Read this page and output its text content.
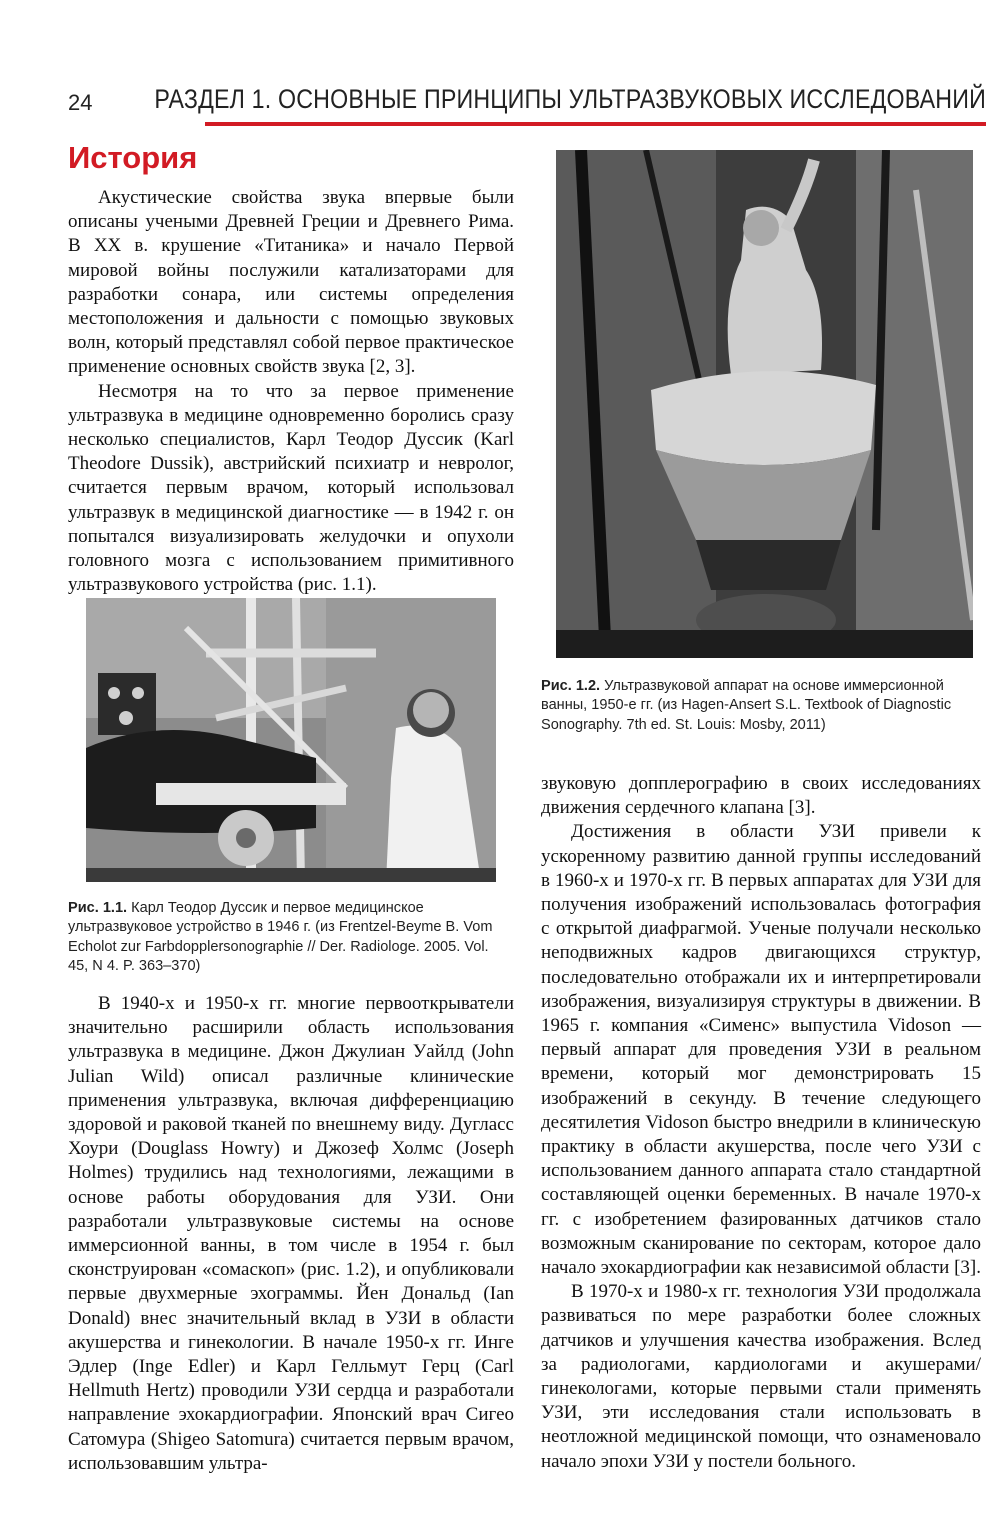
24 РАЗДЕЛ 1. ОСНОВНЫЕ ПРИНЦИПЫ УЛЬТРАЗВУКОВЫХ ИССЛЕДОВАНИЙ
История

Акустические свойства звука впервые были описаны учеными Древней Греции и Древнего Рима. В XX в. крушение «Титаника» и начало Первой мировой войны послужили катализаторами для разработки сонара, или системы определения местоположения и дальности с помощью звуковых волн, который представлял собой первое практическое применение основных свойств звука [2, 3].

Несмотря на то что за первое применение ультразвука в медицине одновременно боролись сразу несколько специалистов, Карл Теодор Дуссик (Karl Theodore Dussik), австрийский психиатр и невролог, считается первым врачом, который использовал ультразвук в медицинской диагностике — в 1942 г. он попытался визуализировать желудочки и опухоли головного мозга с использованием примитивного ультразвукового устройства (рис. 1.1).

Рис. 1.1. Карл Теодор Дуссик и первое медицинское ультразвуковое устройство в 1946 г. (из Frentzel-Beyme B. Vom Echolot zur Farbdopplersonographie // Der. Radiologe. 2005. Vol. 45, N 4. P. 363–370)

В 1940-х и 1950-х гг. многие первооткрыватели значительно расширили область использования ультразвука в медицине. Джон Джулиан Уайлд (John Julian Wild) описал различные клинические применения ультразвука, включая дифференциацию здоровой и раковой тканей по внешнему виду. Дугласс Хоури (Douglass Howry) и Джозеф Холмс (Joseph Holmes) трудились над технологиями, лежащими в основе работы оборудования для УЗИ. Они разработали ультразвуковые системы на основе иммерсионной ванны, в том числе в 1954 г. был сконструирован «сомаскоп» (рис. 1.2), и опубликовали первые двухмерные эхограммы. Йен Дональд (Ian Donald) внес значительный вклад в УЗИ в области акушерства и гинекологии. В начале 1950-х гг. Инге Эдлер (Inge Edler) и Карл Гелльмут Герц (Carl Hellmuth Hertz) проводили УЗИ сердца и разработали направление эхокардиографии. Японский врач Сигео Сатомура (Shigeo Satomura) считается первым врачом, использовавшим ультра-

Рис. 1.2. Ультразвуковой аппарат на основе иммерсионной ванны, 1950-е гг. (из Hagen-Ansert S.L. Textbook of Diagnostic Sonography. 7th ed. St. Louis: Mosby, 2011)

звуковую допплерографию в своих исследованиях движения сердечного клапана [3].

Достижения в области УЗИ привели к ускоренному развитию данной группы исследований в 1960-х и 1970-х гг. В первых аппаратах для УЗИ для получения изображений использовалась фотография с открытой диафрагмой. Ученые получали несколько неподвижных кадров двигающихся структур, последовательно отображали их и интерпретировали изображения, визуализируя структуры в движении. В 1965 г. компания «Сименс» выпустила Vidoson — первый аппарат для проведения УЗИ в реальном времени, который мог демонстрировать 15 изображений в секунду. В течение следующего десятилетия Vidoson быстро внедрили в клиническую практику в области акушерства, после чего УЗИ с использованием данного аппарата стало стандартной составляющей оценки беременных. В начале 1970-х гг. с изобретением фазированных датчиков стало возможным сканирование по секторам, которое дало начало эхокардиографии как независимой области [3].

В 1970-х и 1980-х гг. технология УЗИ продолжала развиваться по мере разработки более сложных датчиков и улучшения качества изображения. Вслед за радиологами, кардиологами и акушерами/гинекологами, которые первыми стали применять УЗИ, эти исследования стали использовать в неотложной медицинской помощи, что ознаменовало начало эпохи УЗИ у постели больного.
